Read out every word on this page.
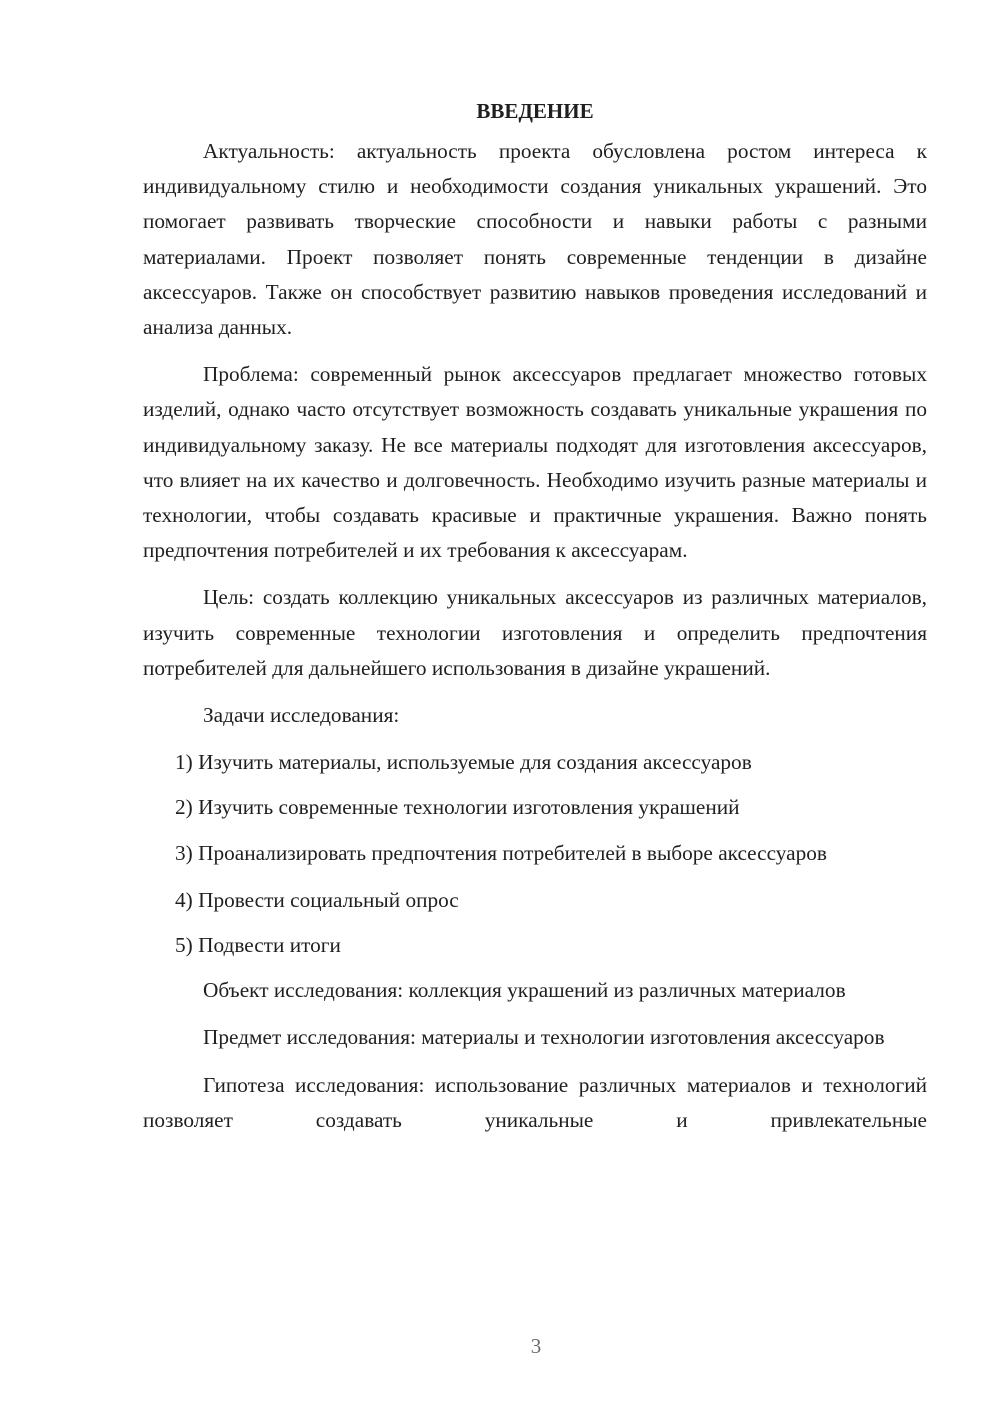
ВВЕДЕНИЕ

Актуальность: актуальность проекта обусловлена ростом интереса к индивидуальному стилю и необходимости создания уникальных украшений. Это помогает развивать творческие способности и навыки работы с разными материалами. Проект позволяет понять современные тенденции в дизайне аксессуаров. Также он способствует развитию навыков проведения исследований и анализа данных.

Проблема: современный рынок аксессуаров предлагает множество готовых изделий, однако часто отсутствует возможность создавать уникальные украшения по индивидуальному заказу. Не все материалы подходят для изготовления аксессуаров, что влияет на их качество и долговечность. Необходимо изучить разные материалы и технологии, чтобы создавать красивые и практичные украшения. Важно понять предпочтения потребителей и их требования к аксессуарам.

Цель: создать коллекцию уникальных аксессуаров из различных материалов, изучить современные технологии изготовления и определить предпочтения потребителей для дальнейшего использования в дизайне украшений.

Задачи исследования:

1) Изучить материалы, используемые для создания аксессуаров

2) Изучить современные технологии изготовления украшений

3) Проанализировать предпочтения потребителей в выборе аксессуаров

4) Провести социальный опрос

5) Подвести итоги

Объект исследования: коллекция украшений из различных материалов

Предмет исследования: материалы и технологии изготовления аксессуаров

Гипотеза исследования: использование различных материалов и технологий позволяет создавать уникальные и привлекательные

3
